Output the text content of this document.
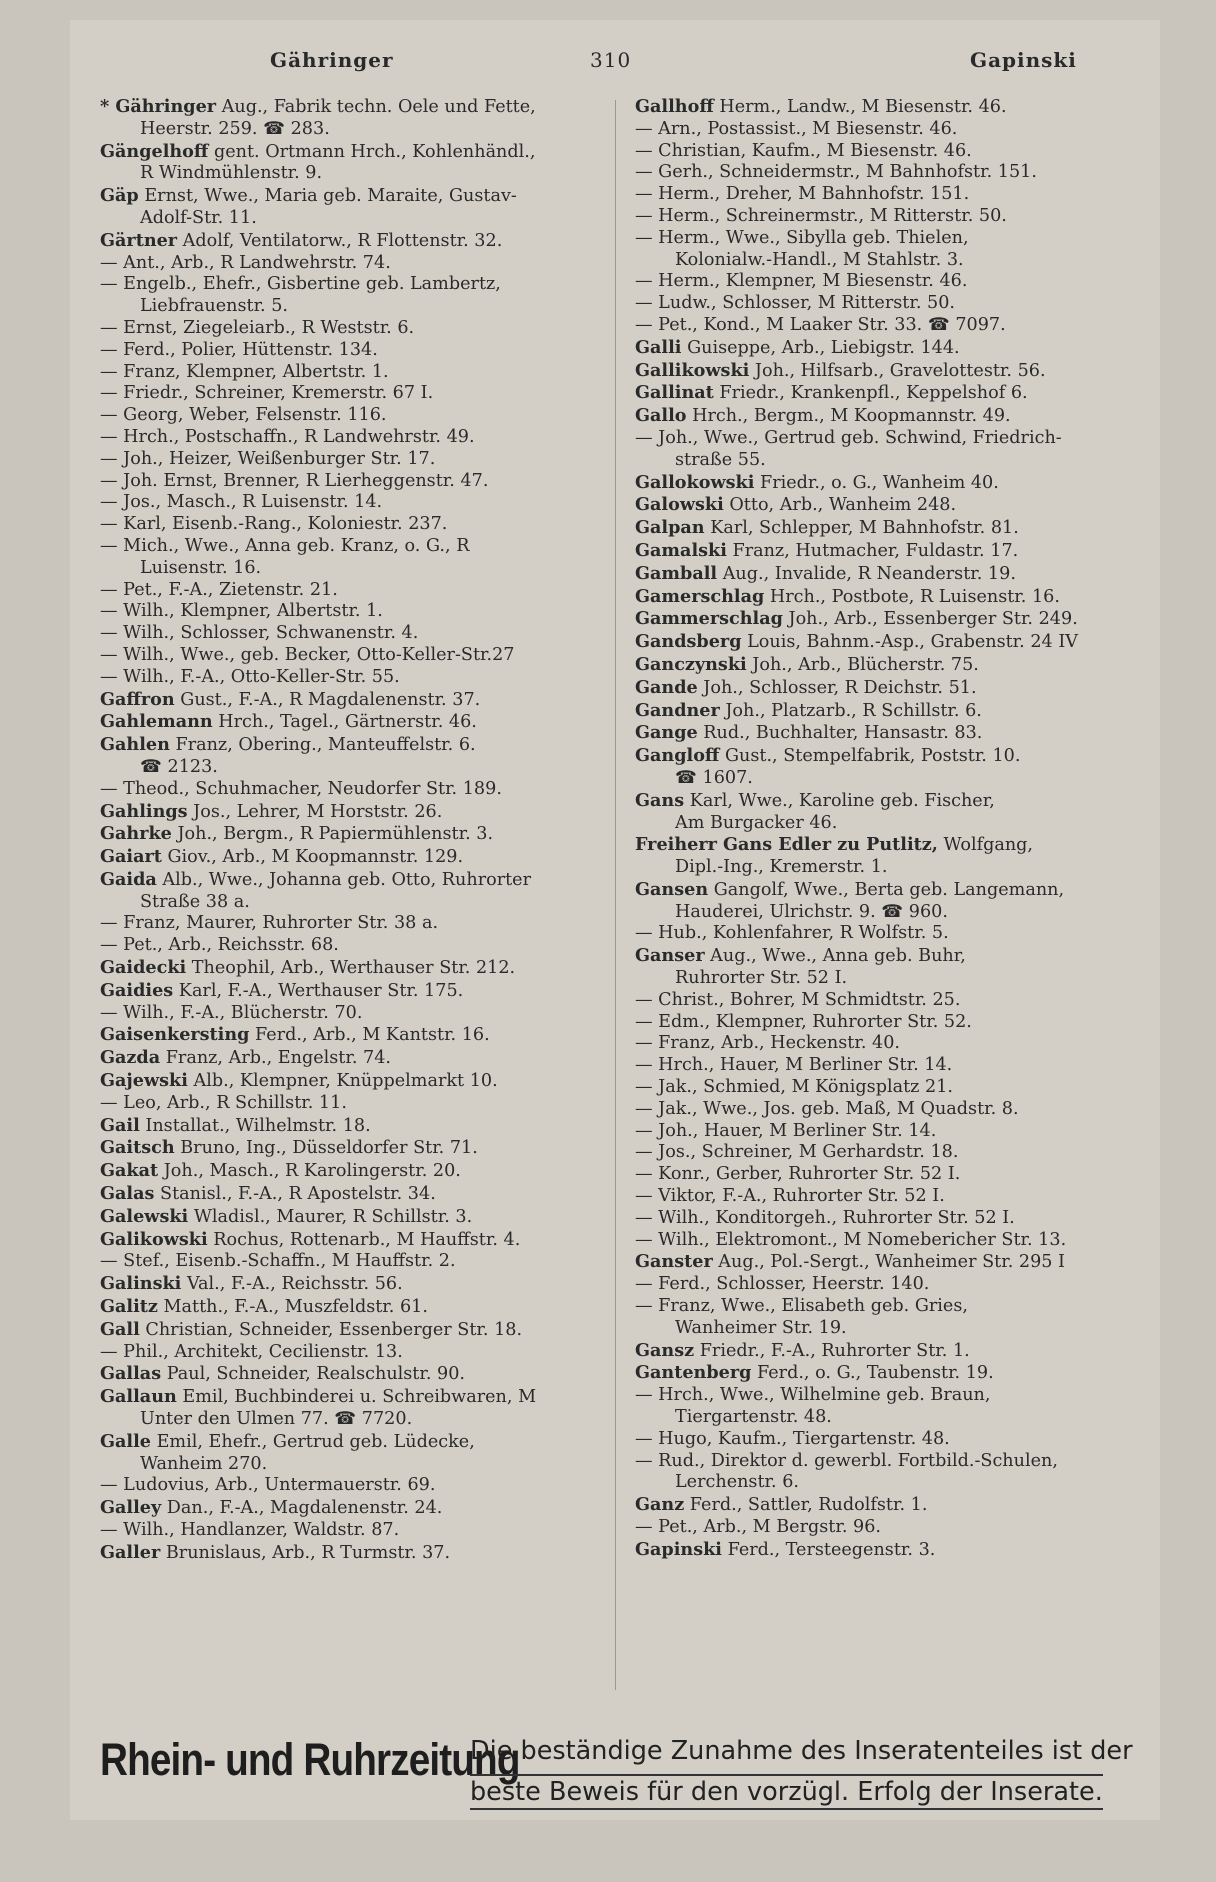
Gähringer	310	Gapinski
* Gähringer Aug., Fabrik techn. Oele und Fette,
Heerstr. 259. ☎ 283.
Gängelhoff gent. Ortmann Hrch., Kohlenhändl.,
R Windmühlenstr. 9.
Gäp Ernst, Wwe., Maria geb. Maraite, Gustav-
Adolf-Str. 11.
Gärtner Adolf, Ventilatorw., R Flottenstr. 32.
— Ant., Arb., R Landwehrstr. 74.
— Engelb., Ehefr., Gisbertine geb. Lambertz,
Liebfrauenstr. 5.
— Ernst, Ziegeleiarb., R Weststr. 6.
— Ferd., Polier, Hüttenstr. 134.
— Franz, Klempner, Albertstr. 1.
— Friedr., Schreiner, Kremerstr. 67 I.
— Georg, Weber, Felsenstr. 116.
— Hrch., Postschaffn., R Landwehrstr. 49.
— Joh., Heizer, Weißenburger Str. 17.
— Joh. Ernst, Brenner, R Lierheggenstr. 47.
— Jos., Masch., R Luisenstr. 14.
— Karl, Eisenb.-Rang., Koloniestr. 237.
— Mich., Wwe., Anna geb. Kranz, o. G., R
Luisenstr. 16.
— Pet., F.-A., Zietenstr. 21.
— Wilh., Klempner, Albertstr. 1.
— Wilh., Schlosser, Schwanenstr. 4.
— Wilh., Wwe., geb. Becker, Otto-Keller-Str.27
— Wilh., F.-A., Otto-Keller-Str. 55.
Gaffron Gust., F.-A., R Magdalenenstr. 37.
Gahlemann Hrch., Tagel., Gärtnerstr. 46.
Gahlen Franz, Obering., Manteuffelstr. 6.
☎ 2123.
— Theod., Schuhmacher, Neudorfer Str. 189.
Gahlings Jos., Lehrer, M Horststr. 26.
Gahrke Joh., Bergm., R Papiermühlenstr. 3.
Gaiart Giov., Arb., M Koopmannstr. 129.
Gaida Alb., Wwe., Johanna geb. Otto, Ruhrorter
Straße 38 a.
— Franz, Maurer, Ruhrorter Str. 38 a.
— Pet., Arb., Reichsstr. 68.
Gaidecki Theophil, Arb., Werthauser Str. 212.
Gaidies Karl, F.-A., Werthauser Str. 175.
— Wilh., F.-A., Blücherstr. 70.
Gaisenkersting Ferd., Arb., M Kantstr. 16.
Gazda Franz, Arb., Engelstr. 74.
Gajewski Alb., Klempner, Knüppelmarkt 10.
— Leo, Arb., R Schillstr. 11.
Gail Installat., Wilhelmstr. 18.
Gaitsch Bruno, Ing., Düsseldorfer Str. 71.
Gakat Joh., Masch., R Karolingerstr. 20.
Galas Stanisl., F.-A., R Apostelstr. 34.
Galewski Wladisl., Maurer, R Schillstr. 3.
Galikowski Rochus, Rottenarb., M Hauffstr. 4.
— Stef., Eisenb.-Schaffn., M Hauffstr. 2.
Galinski Val., F.-A., Reichsstr. 56.
Galitz Matth., F.-A., Muszfeldstr. 61.
Gall Christian, Schneider, Essenberger Str. 18.
— Phil., Architekt, Cecilienstr. 13.
Gallas Paul, Schneider, Realschulstr. 90.
Gallaun Emil, Buchbinderei u. Schreibwaren, M
Unter den Ulmen 77. ☎ 7720.
Galle Emil, Ehefr., Gertrud geb. Lüdecke,
Wanheim 270.
— Ludovius, Arb., Untermauerstr. 69.
Galley Dan., F.-A., Magdalenenstr. 24.
— Wilh., Handlanzer, Waldstr. 87.
Galler Brunislaus, Arb., R Turmstr. 37.
Gallhoff Herm., Landw., M Biesenstr. 46.
— Arn., Postassist., M Biesenstr. 46.
— Christian, Kaufm., M Biesenstr. 46.
— Gerh., Schneidermstr., M Bahnhofstr. 151.
— Herm., Dreher, M Bahnhofstr. 151.
— Herm., Schreinermstr., M Ritterstr. 50.
— Herm., Wwe., Sibylla geb. Thielen,
Kolonialw.-Handl., M Stahlstr. 3.
— Herm., Klempner, M Biesenstr. 46.
— Ludw., Schlosser, M Ritterstr. 50.
— Pet., Kond., M Laaker Str. 33. ☎ 7097.
Galli Guiseppe, Arb., Liebigstr. 144.
Gallikowski Joh., Hilfsarb., Gravelottestr. 56.
Gallinat Friedr., Krankenpfl., Keppelshof 6.
Gallo Hrch., Bergm., M Koopmannstr. 49.
— Joh., Wwe., Gertrud geb. Schwind, Friedrich-
straße 55.
Gallokowski Friedr., o. G., Wanheim 40.
Galowski Otto, Arb., Wanheim 248.
Galpan Karl, Schlepper, M Bahnhofstr. 81.
Gamalski Franz, Hutmacher, Fuldastr. 17.
Gamball Aug., Invalide, R Neanderstr. 19.
Gamerschlag Hrch., Postbote, R Luisenstr. 16.
Gammerschlag Joh., Arb., Essenberger Str. 249.
Gandsberg Louis, Bahnm.-Asp., Grabenstr. 24 IV
Ganczynski Joh., Arb., Blücherstr. 75.
Gande Joh., Schlosser, R Deichstr. 51.
Gandner Joh., Platzarb., R Schillstr. 6.
Gange Rud., Buchhalter, Hansastr. 83.
Gangloff Gust., Stempelfabrik, Poststr. 10.
☎ 1607.
Gans Karl, Wwe., Karoline geb. Fischer,
Am Burgacker 46.
Freiherr Gans Edler zu Putlitz, Wolfgang,
Dipl.-Ing., Kremerstr. 1.
Gansen Gangolf, Wwe., Berta geb. Langemann,
Hauderei, Ulrichstr. 9. ☎ 960.
— Hub., Kohlenfahrer, R Wolfstr. 5.
Ganser Aug., Wwe., Anna geb. Buhr,
Ruhrorter Str. 52 I.
— Christ., Bohrer, M Schmidtstr. 25.
— Edm., Klempner, Ruhrorter Str. 52.
— Franz, Arb., Heckenstr. 40.
— Hrch., Hauer, M Berliner Str. 14.
— Jak., Schmied, M Königsplatz 21.
— Jak., Wwe., Jos. geb. Maß, M Quadstr. 8.
— Joh., Hauer, M Berliner Str. 14.
— Jos., Schreiner, M Gerhardstr. 18.
— Konr., Gerber, Ruhrorter Str. 52 I.
— Viktor, F.-A., Ruhrorter Str. 52 I.
— Wilh., Konditorgeh., Ruhrorter Str. 52 I.
— Wilh., Elektromont., M Nomebericher Str. 13.
Ganster Aug., Pol.-Sergt., Wanheimer Str. 295 I
— Ferd., Schlosser, Heerstr. 140.
— Franz, Wwe., Elisabeth geb. Gries,
Wanheimer Str. 19.
Gansz Friedr., F.-A., Ruhrorter Str. 1.
Gantenberg Ferd., o. G., Taubenstr. 19.
— Hrch., Wwe., Wilhelmine geb. Braun,
Tiergartenstr. 48.
— Hugo, Kaufm., Tiergartenstr. 48.
— Rud., Direktor d. gewerbl. Fortbild.-Schulen,
Lerchenstr. 6.
Ganz Ferd., Sattler, Rudolfstr. 1.
— Pet., Arb., M Bergstr. 96.
Gapinski Ferd., Tersteegenstr. 3.
Rhein- und Ruhrzeitung
Die beständige Zunahme des Inseratenteiles ist der
beste Beweis für den vorzügl. Erfolg der Inserate.
